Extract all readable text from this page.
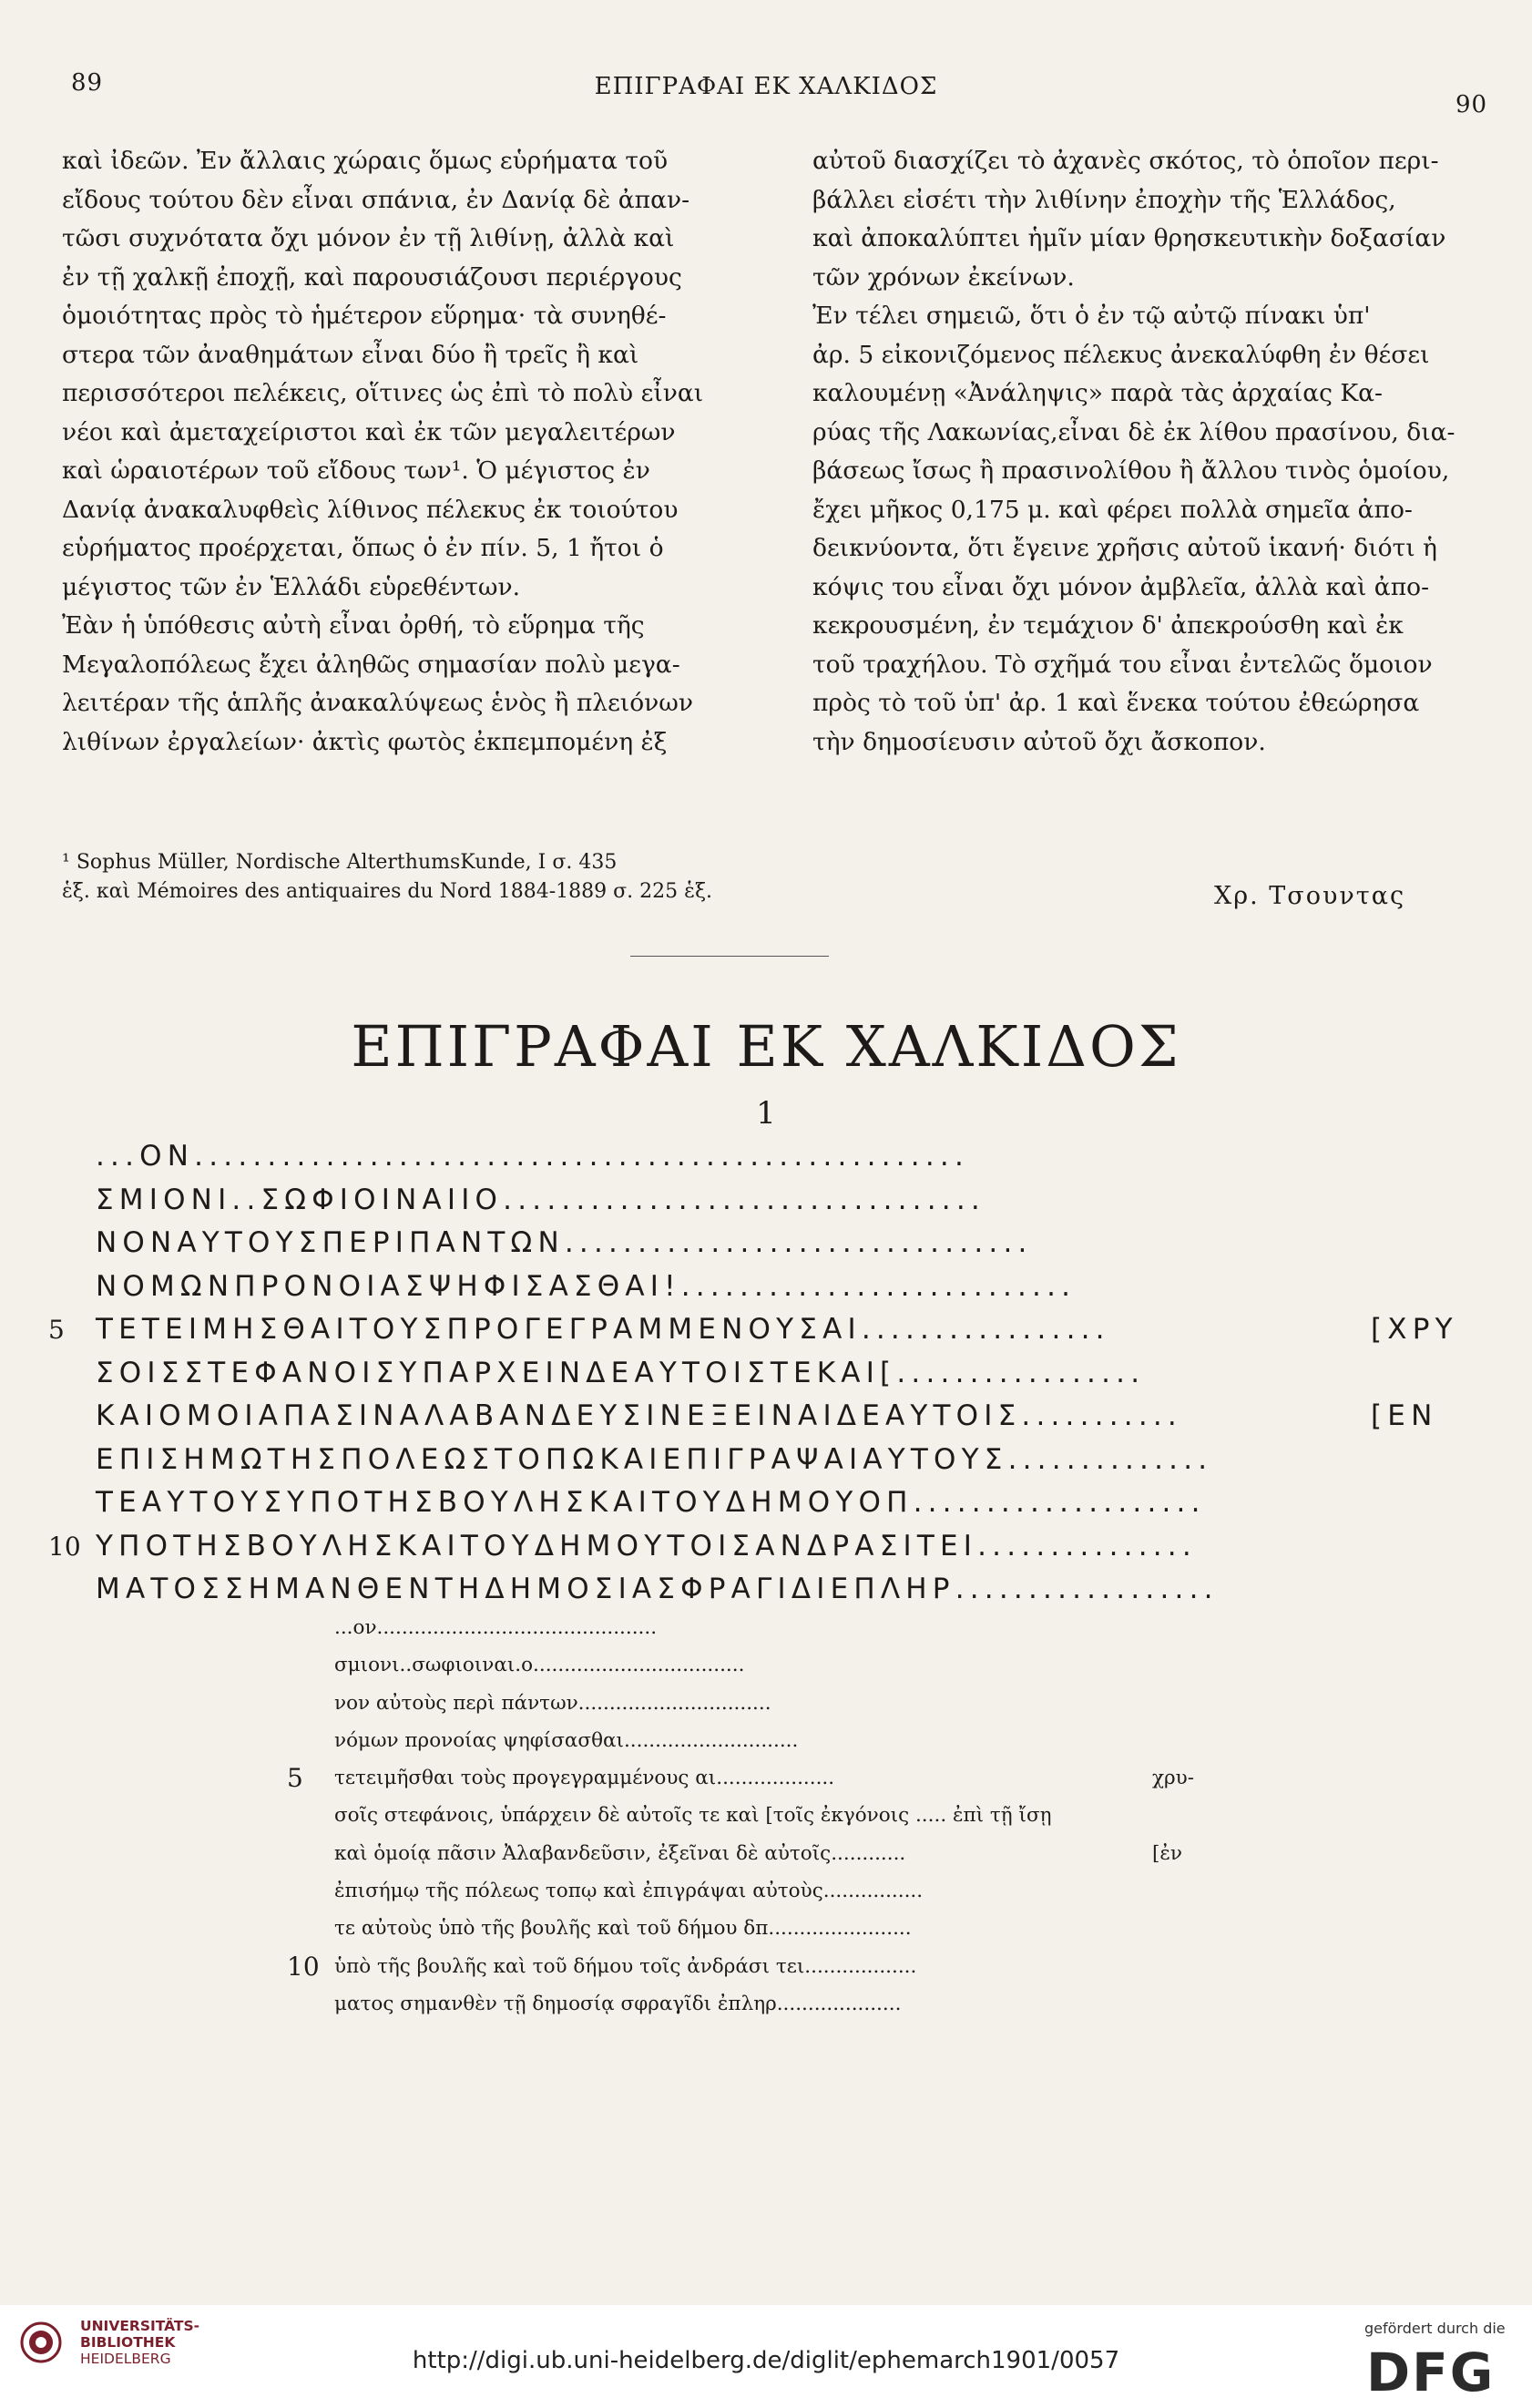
89	ΕΠΙΓΡΑΦΑΙ ΕΚ ΧΑΛΚΙΔΟΣ
90
καὶ ἰδεῶν. Ἐν ἄλλαις χώραις ὅμως εὑρήματα τοῦ
εἴδους τούτου δὲν εἶναι σπάνια, ἐν Δανίᾳ δὲ ἀπαν-
τῶσι συχνότατα ὄχι μόνον ἐν τῇ λιθίνῃ, ἀλλὰ καὶ
ἐν τῇ χαλκῇ ἐποχῇ, καὶ παρουσιάζουσι περιέργους
ὁμοιότητας πρὸς τὸ ἡμέτερον εὕρημα· τὰ συνηθέ-
στερα τῶν ἀναθημάτων εἶναι δύο ἢ τρεῖς ἢ καὶ
περισσότεροι πελέκεις, οἵτινες ὡς ἐπὶ τὸ πολὺ εἶναι
νέοι καὶ ἀμεταχείριστοι καὶ ἐκ τῶν μεγαλειτέρων
καὶ ὡραιοτέρων τοῦ εἴδους των¹. Ὁ μέγιστος ἐν
Δανίᾳ ἀνακαλυφθεὶς λίθινος πέλεκυς ἐκ τοιούτου
εὑρήματος προέρχεται, ὅπως ὁ ἐν πίν. 5, 1 ἤτοι ὁ
μέγιστος τῶν ἐν Ἑλλάδι εὑρεθέντων.
Ἐὰν ἡ ὑπόθεσις αὐτὴ εἶναι ὀρθή, τὸ εὕρημα τῆς
Μεγαλοπόλεως ἔχει ἀληθῶς σημασίαν πολὺ μεγα-
λειτέραν τῆς ἁπλῆς ἀνακαλύψεως ἑνὸς ἢ πλειόνων
λιθίνων ἐργαλείων· ἀκτὶς φωτὸς ἐκπεμπομένη ἐξ
¹ Sophus Müller, Nordische AlterthumsKunde, I σ. 435
ἑξ. καὶ Mémoires des antiquaires du Nord 1884-1889 σ. 225 ἑξ.
αὐτοῦ διασχίζει τὸ ἀχανὲς σκότος, τὸ ὁποῖον περι-
βάλλει εἰσέτι τὴν λιθίνην ἐποχὴν τῆς Ἑλλάδος,
καὶ ἀποκαλύπτει ἡμῖν μίαν θρησκευτικὴν δοξασίαν
τῶν χρόνων ἐκείνων.
Ἐν τέλει σημειῶ, ὅτι ὁ ἐν τῷ αὐτῷ πίνακι ὑπ'
ἀρ. 5 εἰκονιζόμενος πέλεκυς ἀνεκαλύφθη ἐν θέσει
καλουμένῃ «Ἀνάληψις» παρὰ τὰς ἀρχαίας Κα-
ρύας τῆς Λακωνίας,εἶναι δὲ ἐκ λίθου πρασίνου, δια-
βάσεως ἴσως ἢ πρασινολίθου ἢ ἄλλου τινὸς ὁμοίου,
ἔχει μῆκος 0,175 μ. καὶ φέρει πολλὰ σημεῖα ἀπο-
δεικνύοντα, ὅτι ἔγεινε χρῆσις αὐτοῦ ἱκανή· διότι ἡ
κόψις του εἶναι ὄχι μόνον ἀμβλεῖα, ἀλλὰ καὶ ἀπο-
κεκρουσμένη, ἐν τεμάχιον δ' ἀπεκρούσθη καὶ ἐκ
τοῦ τραχήλου. Τὸ σχῆμά του εἶναι ἐντελῶς ὅμοιον
πρὸς τὸ τοῦ ὑπ' ἀρ. 1 καὶ ἕνεκα τούτου ἐθεώρησα
τὴν δημοσίευσιν αὐτοῦ ὄχι ἄσκοπον.
Χρ. Τσουντας
ΕΠΙΓΡΑΦΑΙ ΕΚ ΧΑΛΚΙΔΟΣ
1
...ΟΝ.....................................................
ΣΜΙΟΝΙ..ΣΩΦΙΟΙΝΑΙΙΟ.................................
ΝΟΝΑΥΤΟΥΣΠΕΡΙΠΑΝΤΩΝ................................
ΝΟΜΩΝΠΡΟΝΟΙΑΣΨΗΦΙΣΑΣΘΑΙ!...........................
5 ΤΕΤΕΙΜΗΣΘΑΙΤΟΥΣΠΡΟΓΕΓΡΑΜΜΕΝΟΥΣΑΙ.................	[ΧΡΥ
ΣΟΙΣΣΤΕΦΑΝΟΙΣΥΠΑΡΧΕΙΝΔΕΑΥΤΟΙΣΤΕΚΑΙ[.................
ΚΑΙΟΜΟΙΑΠΑΣΙΝΑΛΑΒΑΝΔΕΥΣΙΝΕΞΕΙΝΑΙΔΕΑΥΤΟΙΣ...........	[ΕΝ
ΕΠΙΣΗΜΩΤΗΣΠΟΛΕΩΣΤΟΠΩΚΑΙΕΠΙΓΡΑΨΑΙΑΥΤΟΥΣ..............
ΤΕΑΥΤΟΥΣΥΠΟΤΗΣΒΟΥΛΗΣΚΑΙΤΟΥΔΗΜΟΥΟΠ....................
10 ΥΠΟΤΗΣΒΟΥΛΗΣΚΑΙΤΟΥΔΗΜΟΥΤΟΙΣΑΝΔΡΑΣΙΤΕΙ...............
ΜΑΤΟΣΣΗΜΑΝΘΕΝΤΗΔΗΜΟΣΙΑΣΦΡΑΓΙΔΙΕΠΛΗΡ..................
...ον.............................................
σμιονι..σωφιοιναι.ο..................................
νον αὐτοὺς περὶ πάντων...............................
νόμων προνοίας ψηφίσασθαι............................
5 τετειμῆσθαι τοὺς προγεγραμμένους αι...................	χρυ-
σοῖς στεφάνοις, ὑπάρχειν δὲ αὐτοῖς τε καὶ [τοῖς ἐκγόνοις ..... ἐπὶ τῇ ἴσῃ
καὶ ὁμοίᾳ πᾶσιν Ἀλαβανδεῦσιν, ἐξεῖναι δὲ αὐτοῖς............	[ἐν
ἐπισήμῳ τῆς πόλεως τοπῳ καὶ ἐπιγράψαι αὐτοὺς................
τε αὐτοὺς ὑπὸ τῆς βουλῆς καὶ τοῦ δήμου δπ.......................
10 ὑπὸ τῆς βουλῆς καὶ τοῦ δήμου τοῖς ἀνδράσι τει..................
ματος σημανθὲν τῇ δημοσίᾳ σφραγῖδι ἐπληρ....................
UNIVERSITÄTS-
BIBLIOTHEK
HEIDELBERG	http://digi.ub.uni-heidelberg.de/diglit/ephemarch1901/0057
gefördert durch die
DFG
